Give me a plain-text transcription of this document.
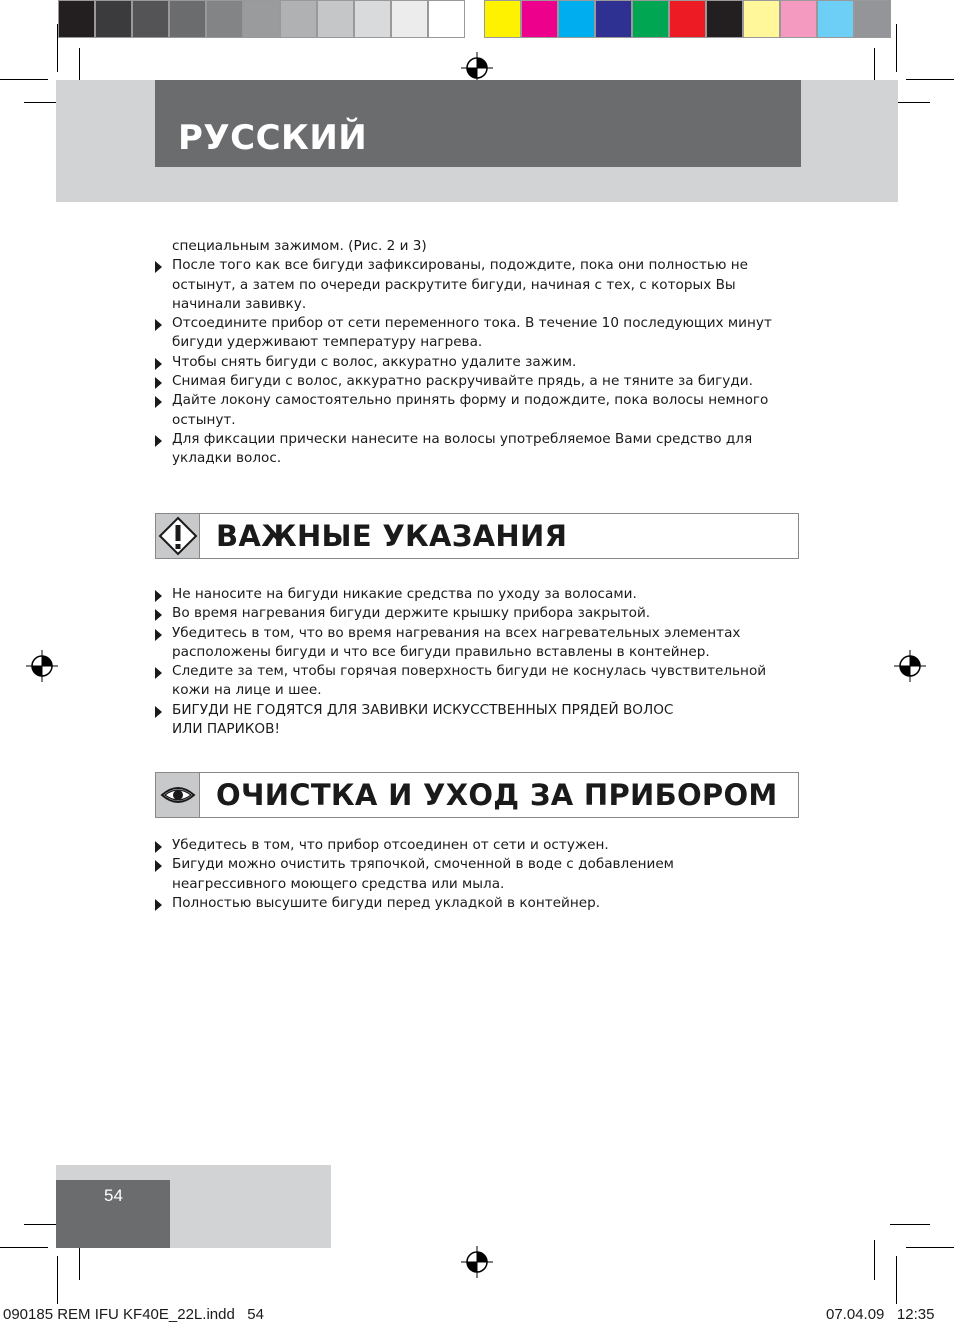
РУССКИЙ
специальным зажимом. (Рис. 2 и 3)
После того как все бигуди зафиксированы, подождите, пока они полностью не
остынут, а затем по очереди раскрутите бигуди, начиная с тех, с которых Вы
начинали завивку.
Отсоедините прибор от сети переменного тока. В течение 10 последующих минут
бигуди удерживают температуру нагрева.
Чтобы снять бигуди с волос, аккуратно удалите зажим.
Снимая бигуди с волос, аккуратно раскручивайте прядь, а не тяните за бигуди.
Дайте локону самостоятельно принять форму и подождите, пока волосы немного
остынут.
Для фиксации прически нанесите на волосы употребляемое Вами средство для
укладки волос.
ВАЖНЫЕ УКАЗАНИЯ
Не наносите на бигуди никакие средства по уходу за волосами.
Во время нагревания бигуди держите крышку прибора закрытой.
Убедитесь в том, что во время нагревания на всех нагревательных элементах
расположены бигуди и что все бигуди правильно вставлены в контейнер.
Следите за тем, чтобы горячая поверхность бигуди не коснулась чувствительной
кожи на лице и шее.
БИГУДИ НЕ ГОДЯТСЯ ДЛЯ ЗАВИВКИ ИСКУССТВЕННЫХ ПРЯДЕЙ ВОЛОС
ИЛИ ПАРИКОВ!
ОЧИСТКА И УХОД ЗА ПРИБОРОМ
Убедитесь в том, что прибор отсоединен от сети и остужен.
Бигуди можно очистить тряпочкой, смоченной в воде с добавлением
неагрессивного моющего средства или мыла.
Полностью высушите бигуди перед укладкой в контейнер.
54
090185 REM IFU KF40E_22L.indd   54	07.04.09   12:35
